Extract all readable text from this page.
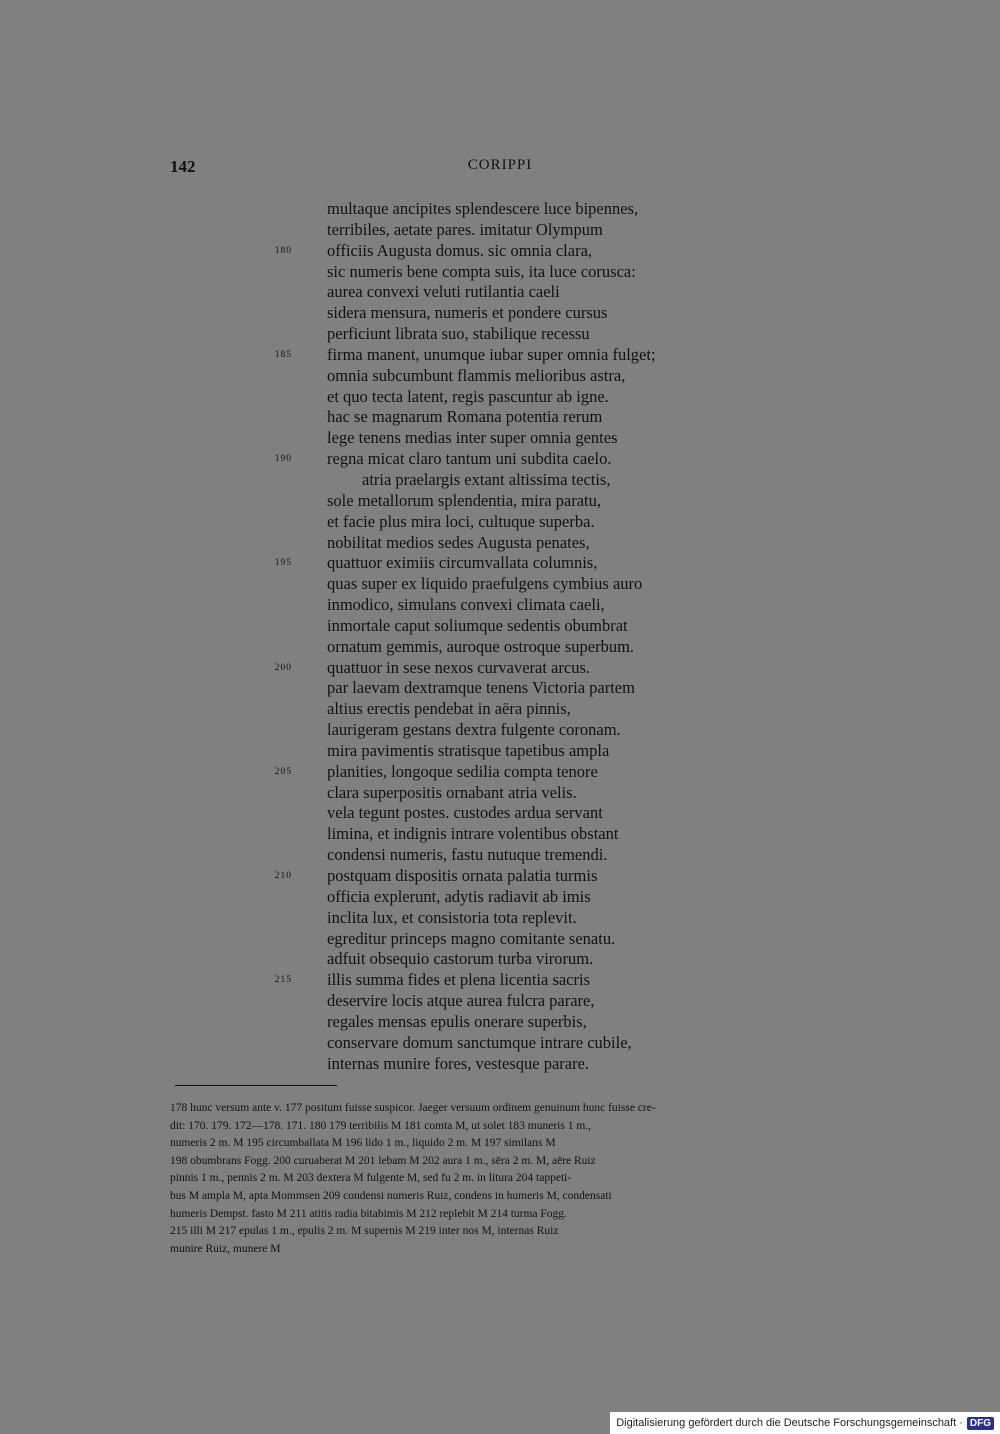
142	CORIPPI
multaque ancipites splendescere luce bipennes,
terribiles, aetate pares. imitatur Olympum
180 officiis Augusta domus. sic omnia clara,
sic numeris bene compta suis, ita luce corusca:
aurea convexi veluti rutilantia caeli
sidera mensura, numeris et pondere cursus
perficiunt librata suo, stabilique recessu
185 firma manent, unumque iubar super omnia fulget;
omnia subcumbunt flammis melioribus astra,
et quo tecta latent, regis pascuntur ab igne.
hac se magnarum Romana potentia rerum
lege tenens medias inter super omnia gentes
190 regna micat claro tantum uni subdita caelo.
atria praelargis extant altissima tectis,
sole metallorum splendentia, mira paratu,
et facie plus mira loci, cultuque superba.
nobilitat medios sedes Augusta penates,
195 quattuor eximiis circumvallata columnis,
quas super ex liquido praefulgens cymbius auro
inmodico, simulans convexi climata caeli,
inmortale caput soliumque sedentis obumbrat
ornatum gemmis, auroque ostroque superbum.
200 quattuor in sese nexos curvaverat arcus.
par laevam dextramque tenens Victoria partem
altius erectis pendebat in aëra pinnis,
laurigeram gestans dextra fulgente coronam.
mira pavimentis stratisque tapetibus ampla
205 planities, longoque sedilia compta tenore
clara superpositis ornabant atria velis.
vela tegunt postes. custodes ardua servant
limina, et indignis intrare volentibus obstant
condensi numeris, fastu nutuque tremendi.
210 postquam dispositis ornata palatia turmis
officia explerunt, adytis radiavit ab imis
inclita lux, et consistoria tota replevit.
egreditur princeps magno comitante senatu.
adfuit obsequio castorum turba virorum.
215 illis summa fides et plena licentia sacris
deservire locis atque aurea fulcra parare,
regales mensas epulis onerare superbis,
conservare domum sanctumque intrare cubile,
internas munire fores, vestesque parare.
178 hunc versum ante v. 177 positum fuisse suspicor. Jaeger versuum ordinem genuinum hunc fuisse cre-
dit: 170. 179. 172—178. 171. 180 179 terribilis M 181 comta M, ut solet 183 muneris 1 m.,
numeris 2 m. M 195 circumballata M 196 lido 1 m., liquido 2 m. M 197 similans M
198 obumbrans Fogg. 200 curuaberat M 201 lebam M 202 aura 1 m., sēra 2 m. M, aēre Ruiz
pinnis 1 m., pennis 2 m. M 203 dextera M fulgente M, sed fu 2 m. in litura 204 tappeti-
bus M ampla M, apta Mommsen 209 condensi numeris Ruiz, condens in humeris M, condensati
humeris Dempst. fasto M 211 atitis radia bitabimis M 212 replebit M 214 turma Fogg.
215 illi M 217 epulas 1 m., epulis 2 m. M supernis M 219 inter nos M, internas Ruiz
munire Ruiz, munere M
Digitalisierung gefördert durch die Deutsche Forschungsgemeinschaft · DFG
